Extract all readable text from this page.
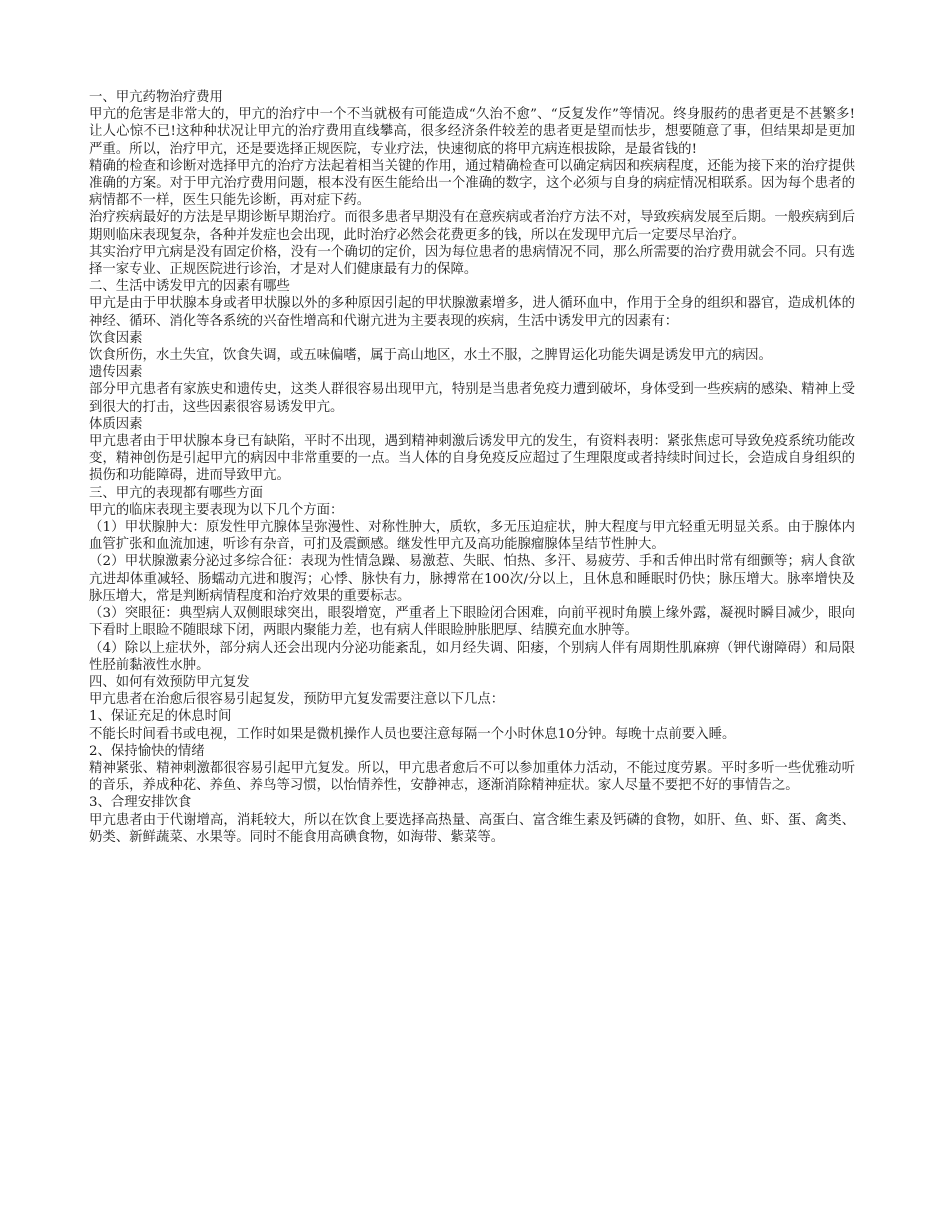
一、甲亢药物治疗费用

甲亢的危害是非常大的，甲亢的治疗中一个不当就极有可能造成“久治不愈”、“反复发作”等情况。终身服药的患者更是不甚繁多!让人心惊不已!这种种状况让甲亢的治疗费用直线攀高，很多经济条件较差的患者更是望而怯步，想要随意了事，但结果却是更加严重。所以，治疗甲亢，还是要选择正规医院，专业疗法，快速彻底的将甲亢病连根拔除，是最省钱的!

精确的检查和诊断对选择甲亢的治疗方法起着相当关键的作用，通过精确检查可以确定病因和疾病程度，还能为接下来的治疗提供准确的方案。对于甲亢治疗费用问题，根本没有医生能给出一个准确的数字，这个必须与自身的病症情况相联系。因为每个患者的病情都不一样，医生只能先诊断，再对症下药。

治疗疾病最好的方法是早期诊断早期治疗。而很多患者早期没有在意疾病或者治疗方法不对，导致疾病发展至后期。一般疾病到后期则临床表现复杂，各种并发症也会出现，此时治疗必然会花费更多的钱，所以在发现甲亢后一定要尽早治疗。

其实治疗甲亢病是没有固定价格，没有一个确切的定价，因为每位患者的患病情况不同，那么所需要的治疗费用就会不同。只有选择一家专业、正规医院进行诊治，才是对人们健康最有力的保障。

二、生活中诱发甲亢的因素有哪些

甲亢是由于甲状腺本身或者甲状腺以外的多种原因引起的甲状腺激素增多，进人循环血中，作用于全身的组织和器官，造成机体的神经、循环、消化等各系统的兴奋性增高和代谢亢进为主要表现的疾病，生活中诱发甲亢的因素有：

饮食因素

饮食所伤，水土失宜，饮食失调，或五味偏嗜，属于高山地区，水土不服，之脾胃运化功能失调是诱发甲亢的病因。

遗传因素

部分甲亢患者有家族史和遗传史，这类人群很容易出现甲亢，特别是当患者免疫力遭到破坏，身体受到一些疾病的感染、精神上受到很大的打击，这些因素很容易诱发甲亢。

体质因素

甲亢患者由于甲状腺本身已有缺陷，平时不出现，遇到精神刺激后诱发甲亢的发生，有资料表明：紧张焦虑可导致免疫系统功能改变，精神创伤是引起甲亢的病因中非常重要的一点。当人体的自身免疫反应超过了生理限度或者持续时间过长，会造成自身组织的损伤和功能障碍，进而导致甲亢。

三、甲亢的表现都有哪些方面

甲亢的临床表现主要表现为以下几个方面：

（1）甲状腺肿大：原发性甲亢腺体呈弥漫性、对称性肿大，质软，多无压迫症状，肿大程度与甲亢轻重无明显关系。由于腺体内血管扩张和血流加速，听诊有杂音，可扪及震颤感。继发性甲亢及高功能腺瘤腺体呈结节性肿大。

（2）甲状腺激素分泌过多综合征：表现为性情急躁、易激惹、失眠、怕热、多汗、易疲劳、手和舌伸出时常有细颤等；病人食欲亢进却体重减轻、肠蠕动亢进和腹泻；心悸、脉快有力，脉搏常在100次/分以上，且休息和睡眠时仍快；脉压增大。脉率增快及脉压增大，常是判断病情程度和治疗效果的重要标志。

（3）突眼征：典型病人双侧眼球突出，眼裂增宽，严重者上下眼睑闭合困难，向前平视时角膜上缘外露，凝视时瞬目减少，眼向下看时上眼睑不随眼球下闭，两眼内聚能力差，也有病人伴眼睑肿胀肥厚、结膜充血水肿等。

（4）除以上症状外，部分病人还会出现内分泌功能紊乱，如月经失调、阳痿，个别病人伴有周期性肌麻痹（钾代谢障碍）和局限性胫前黏液性水肿。

四、如何有效预防甲亢复发

甲亢患者在治愈后很容易引起复发，预防甲亢复发需要注意以下几点：

1、保证充足的休息时间

不能长时间看书或电视，工作时如果是微机操作人员也要注意每隔一个小时休息10分钟。每晚十点前要入睡。

2、保持愉快的情绪

精神紧张、精神刺激都很容易引起甲亢复发。所以，甲亢患者愈后不可以参加重体力活动，不能过度劳累。平时多听一些优雅动听的音乐，养成种花、养鱼、养鸟等习惯，以怡情养性，安静神志，逐渐消除精神症状。家人尽量不要把不好的事情告之。

3、合理安排饮食

甲亢患者由于代谢增高，消耗较大，所以在饮食上要选择高热量、高蛋白、富含维生素及钙磷的食物，如肝、鱼、虾、蛋、禽类、奶类、新鲜蔬菜、水果等。同时不能食用高碘食物，如海带、紫菜等。
